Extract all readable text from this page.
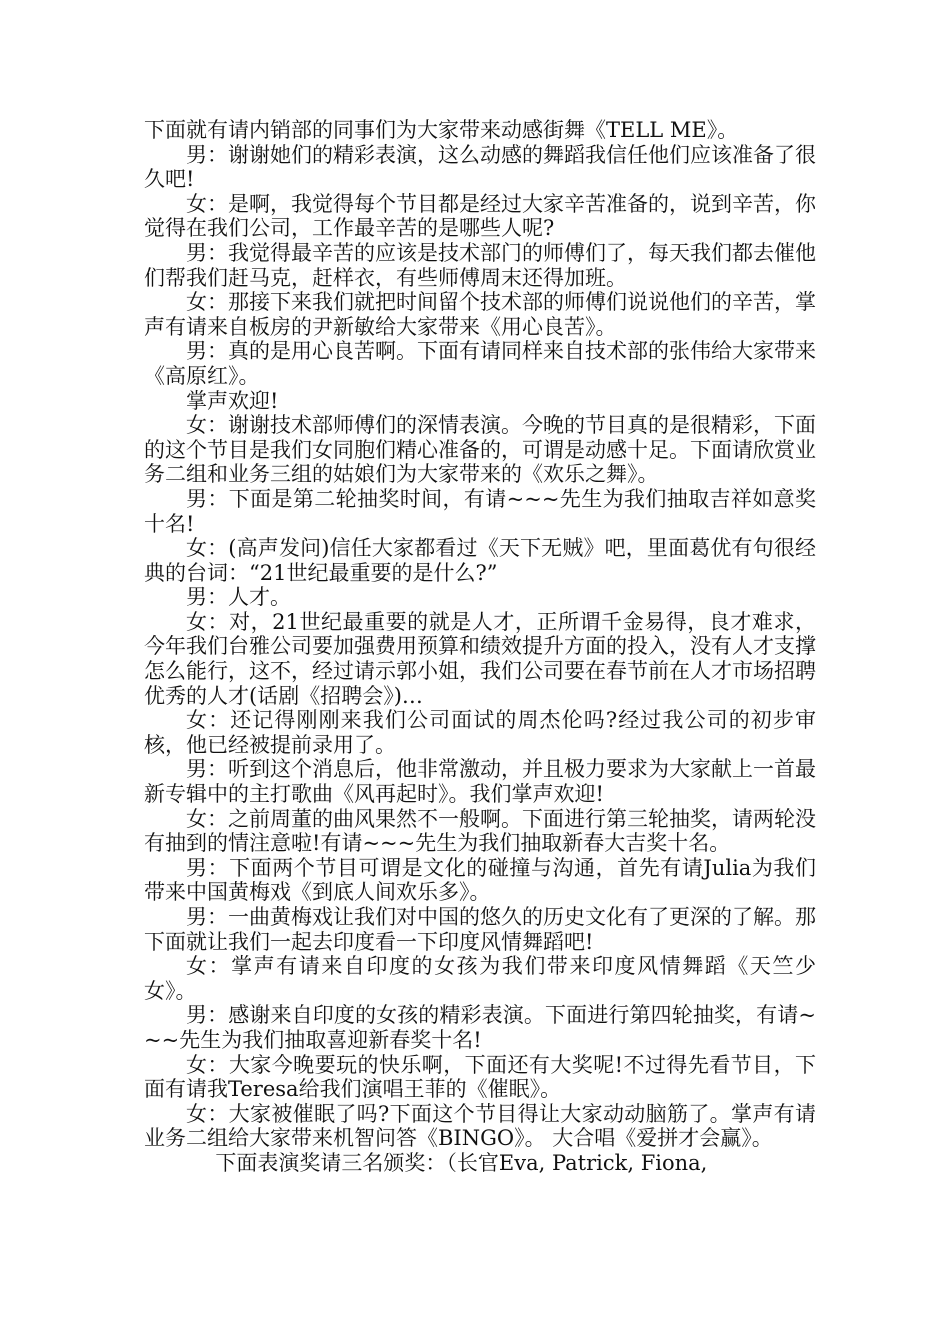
下面就有请内销部的同事们为大家带来动感街舞《TELL ME》。

男：谢谢她们的精彩表演，这么动感的舞蹈我信任他们应该准备了很久吧!

女：是啊，我觉得每个节目都是经过大家辛苦准备的，说到辛苦，你觉得在我们公司，工作最辛苦的是哪些人呢?

男：我觉得最辛苦的应该是技术部门的师傅们了，每天我们都去催他们帮我们赶马克，赶样衣，有些师傅周末还得加班。

女：那接下来我们就把时间留个技术部的师傅们说说他们的辛苦，掌声有请来自板房的尹新敏给大家带来《用心良苦》。

男：真的是用心良苦啊。下面有请同样来自技术部的张伟给大家带来《高原红》。

掌声欢迎!

女：谢谢技术部师傅们的深情表演。今晚的节目真的是很精彩，下面的这个节目是我们女同胞们精心准备的，可谓是动感十足。下面请欣赏业务二组和业务三组的姑娘们为大家带来的《欢乐之舞》。

男：下面是第二轮抽奖时间，有请~~~先生为我们抽取吉祥如意奖十名!

女：(高声发问)信任大家都看过《天下无贼》吧，里面葛优有句很经典的台词：“21世纪最重要的是什么?”

男：人才。

女：对，21世纪最重要的就是人才，正所谓千金易得，良才难求，今年我们台雅公司要加强费用预算和绩效提升方面的投入，没有人才支撑怎么能行，这不，经过请示郭小姐，我们公司要在春节前在人才市场招聘优秀的人才(话剧《招聘会》)…

女：还记得刚刚来我们公司面试的周杰伦吗?经过我公司的初步审核，他已经被提前录用了。

男：听到这个消息后，他非常激动，并且极力要求为大家献上一首最新专辑中的主打歌曲《风再起时》。我们掌声欢迎!

女：之前周董的曲风果然不一般啊。下面进行第三轮抽奖，请两轮没有抽到的情注意啦!有请~~~先生为我们抽取新春大吉奖十名。

男：下面两个节目可谓是文化的碰撞与沟通，首先有请Julia为我们带来中国黄梅戏《到底人间欢乐多》。

男：一曲黄梅戏让我们对中国的悠久的历史文化有了更深的了解。那下面就让我们一起去印度看一下印度风情舞蹈吧!

女：掌声有请来自印度的女孩为我们带来印度风情舞蹈《天竺少女》。

男：感谢来自印度的女孩的精彩表演。下面进行第四轮抽奖，有请~~~先生为我们抽取喜迎新春奖十名!

女：大家今晚要玩的快乐啊，下面还有大奖呢!不过得先看节目，下面有请我Teresa给我们演唱王菲的《催眠》。

女：大家被催眠了吗?下面这个节目得让大家动动脑筋了。掌声有请业务二组给大家带来机智问答《BINGO》。 大合唱《爱拼才会赢》。

下面表演奖请三名颁奖：（长官Eva, Patrick, Fiona,
